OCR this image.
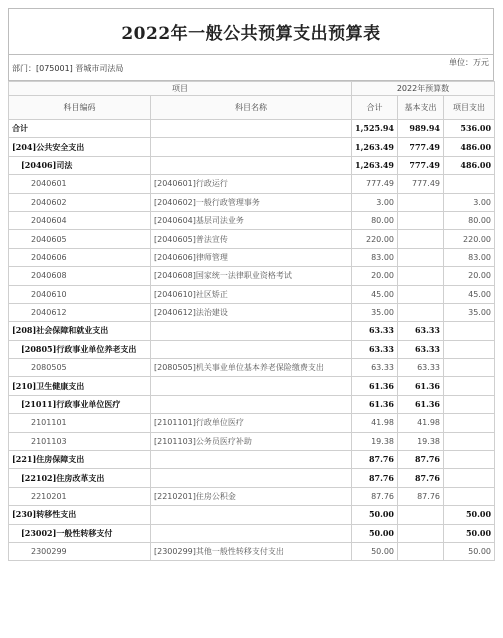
2022年一般公共预算支出预算表
部门：[075001] 晋城市司法局
单位：万元
项目		2022年预算数		
科目编码	科目名称	合计	基本支出	项目支出
合计		1,525.94	989.94	536.00
[204]公共安全支出		1,263.49	777.49	486.00
[20406]司法		1,263.49	777.49	486.00
2040601	[2040601]行政运行	777.49	777.49	
2040602	[2040602]一般行政管理事务	3.00		3.00
2040604	[2040604]基层司法业务	80.00		80.00
2040605	[2040605]普法宣传	220.00		220.00
2040606	[2040606]律师管理	83.00		83.00
2040608	[2040608]国家统一法律职业资格考试	20.00		20.00
2040610	[2040610]社区矫正	45.00		45.00
2040612	[2040612]法治建设	35.00		35.00
[208]社会保障和就业支出		63.33	63.33	
[20805]行政事业单位养老支出		63.33	63.33	
2080505	[2080505]机关事业单位基本养老保险缴费支出	63.33	63.33	
[210]卫生健康支出		61.36	61.36	
[21011]行政事业单位医疗		61.36	61.36	
2101101	[2101101]行政单位医疗	41.98	41.98	
2101103	[2101103]公务员医疗补助	19.38	19.38	
[221]住房保障支出		87.76	87.76	
[22102]住房改革支出		87.76	87.76	
2210201	[2210201]住房公积金	87.76	87.76	
[230]转移性支出		50.00		50.00
[23002]一般性转移支付		50.00		50.00
2300299	[2300299]其他一般性转移支付支出	50.00		50.00
